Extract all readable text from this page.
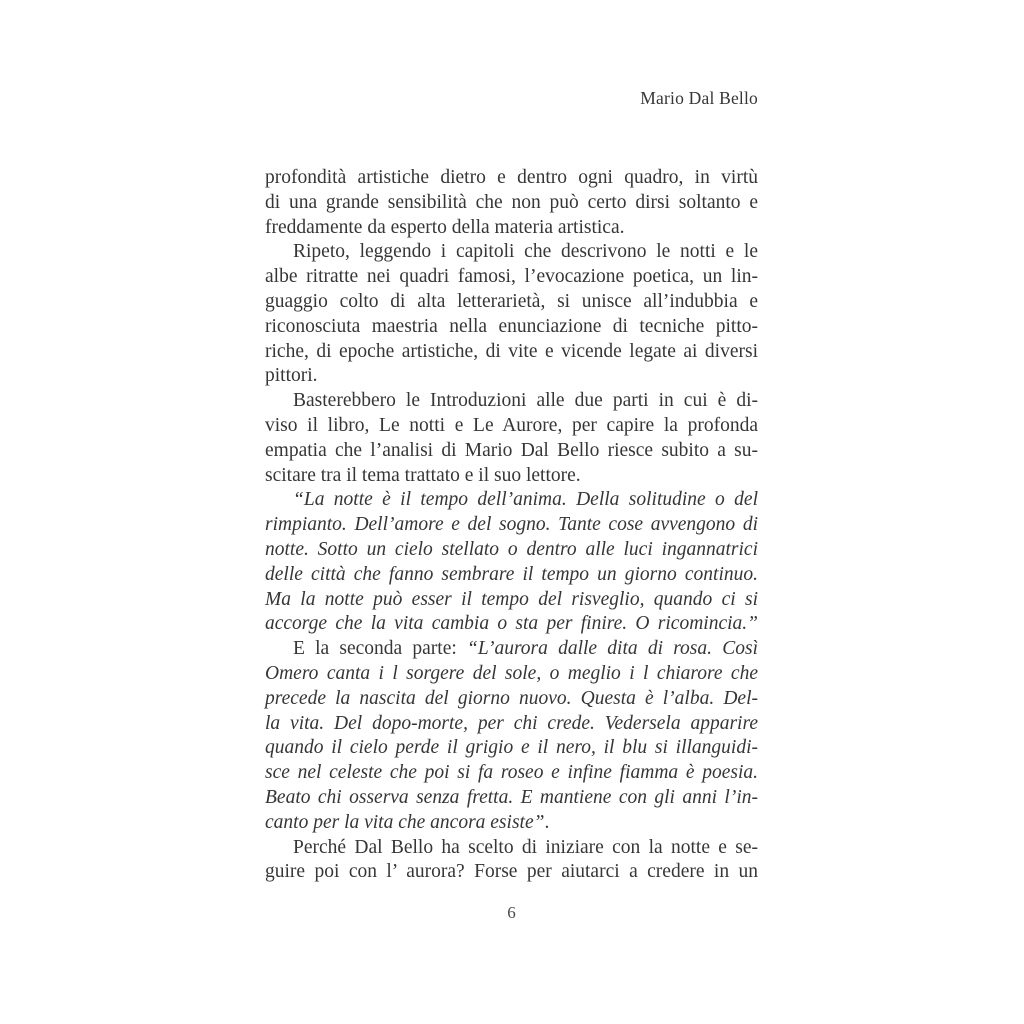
Mario Dal Bello
profondità artistiche dietro e dentro ogni quadro, in virtù
di una grande sensibilità che non può certo dirsi soltanto e
freddamente da esperto della materia artistica.
Ripeto, leggendo i capitoli che descrivono le notti e le
albe ritratte nei quadri famosi, l’evocazione poetica, un lin-
guaggio colto di alta letterarietà, si unisce all’indubbia e
riconosciuta maestria nella enunciazione di tecniche pitto-
riche, di epoche artistiche, di vite e vicende legate ai diversi
pittori.
Basterebbero le Introduzioni alle due parti in cui è di-
viso il libro, Le notti e Le Aurore, per capire la profonda
empatia che l’analisi di Mario Dal Bello riesce subito a su-
scitare tra il tema trattato e il suo lettore.
“La notte è il tempo dell’anima. Della solitudine o del
rimpianto. Dell’amore e del sogno. Tante cose avvengono di
notte. Sotto un cielo stellato o dentro alle luci ingannatrici
delle città che fanno sembrare il tempo un giorno continuo.
Ma la notte può esser il tempo del risveglio, quando ci si
accorge che la vita cambia o sta per finire. O ricomincia.”
E la seconda parte: “L’aurora dalle dita di rosa. Così
Omero canta i l sorgere del sole, o meglio i l chiarore che
precede la nascita del giorno nuovo. Questa è l’alba. Del-
la vita. Del dopo-morte, per chi crede. Vedersela apparire
quando il cielo perde il grigio e il nero, il blu si illanguidi-
sce nel celeste che poi si fa roseo e infine fiamma è poesia.
Beato chi osserva senza fretta. E mantiene con gli anni l’in-
canto per la vita che ancora esiste”.
Perché Dal Bello ha scelto di iniziare con la notte e se-
guire poi con l’ aurora? Forse per aiutarci a credere in un
6
